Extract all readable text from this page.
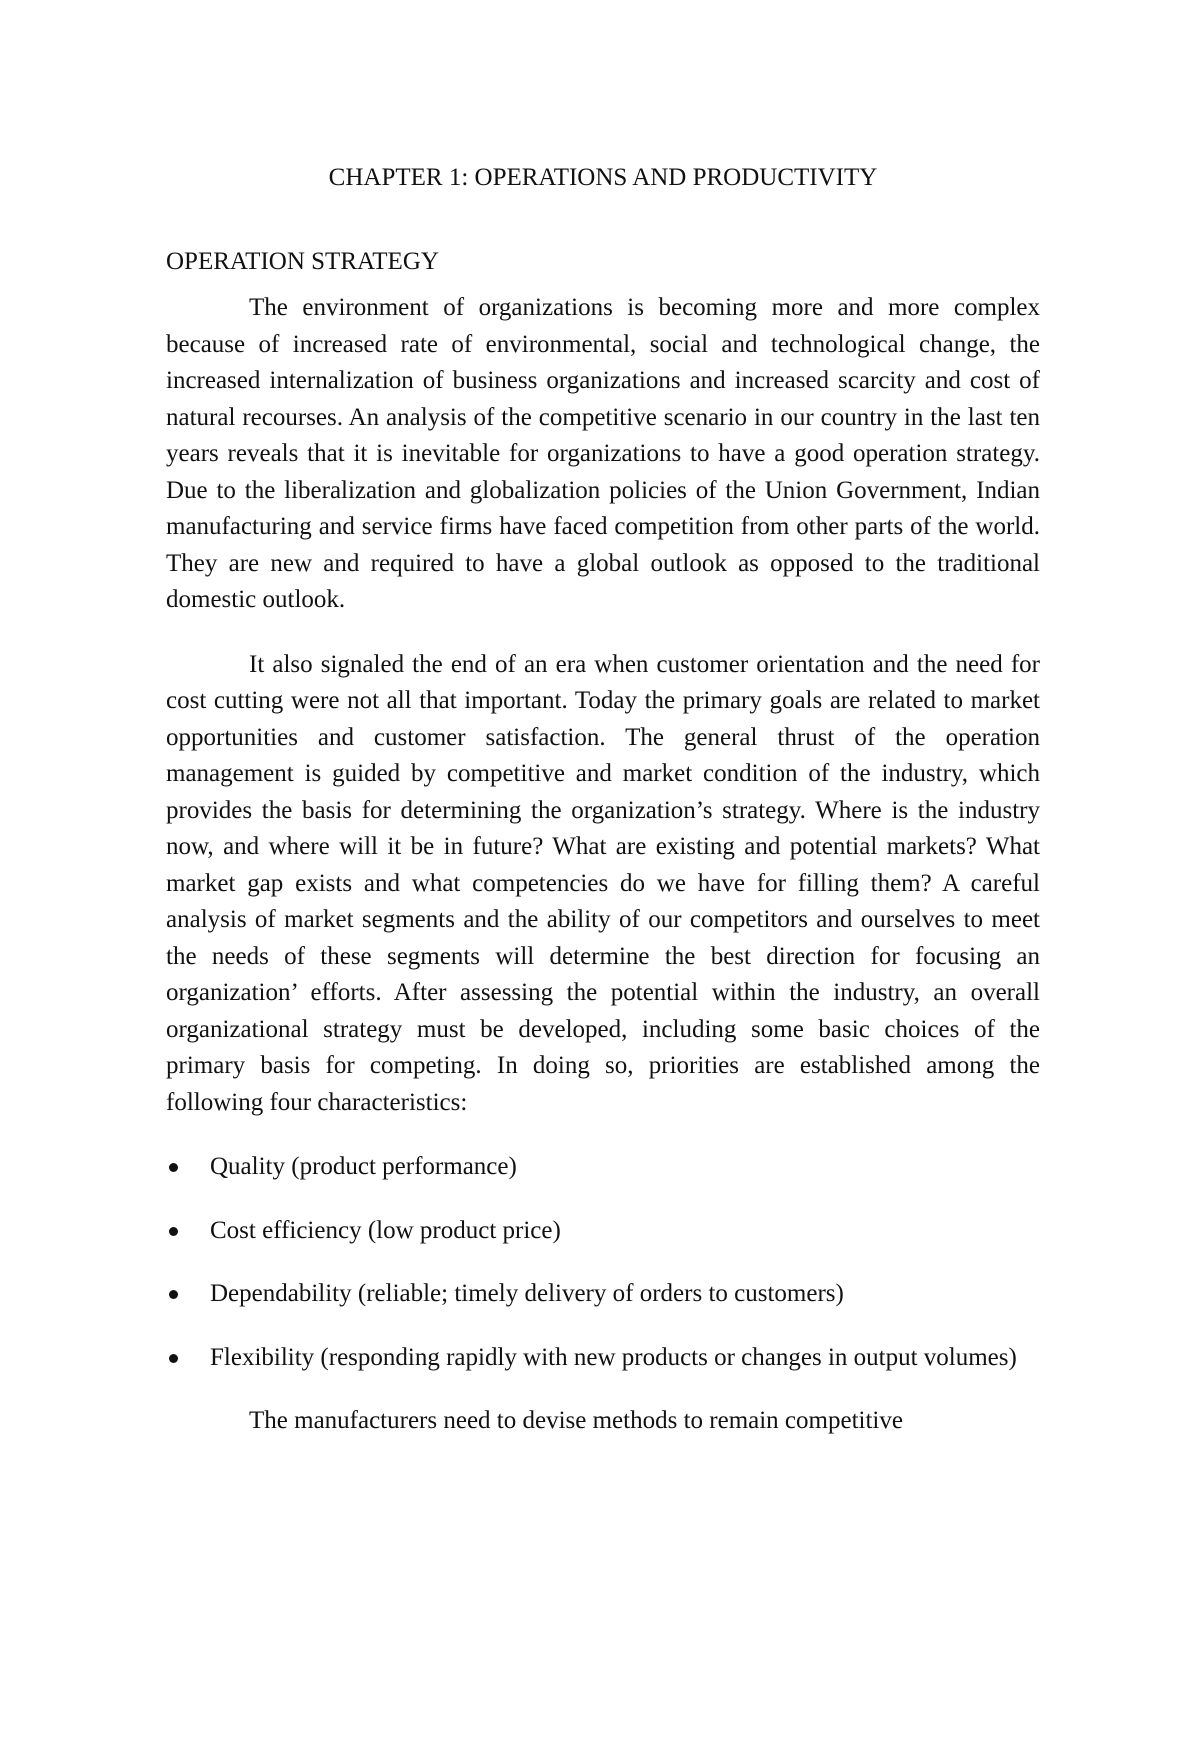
CHAPTER 1: OPERATIONS AND PRODUCTIVITY
OPERATION STRATEGY

The environment of organizations is becoming more and more complex because of increased rate of environmental, social and technological change, the increased internalization of business organizations and increased scarcity and cost of natural recourses. An analysis of the competitive scenario in our country in the last ten years reveals that it is inevitable for organizations to have a good operation strategy. Due to the liberalization and globalization policies of the Union Government, Indian manufacturing and service firms have faced competition from other parts of the world. They are new and required to have a global outlook as opposed to the traditional domestic outlook.

It also signaled the end of an era when customer orientation and the need for cost cutting were not all that important. Today the primary goals are related to market opportunities and customer satisfaction. The general thrust of the operation management is guided by competitive and market condition of the industry, which provides the basis for determining the organization’s strategy. Where is the industry now, and where will it be in future? What are existing and potential markets? What market gap exists and what competencies do we have for filling them? A careful analysis of market segments and the ability of our competitors and ourselves to meet the needs of these segments will determine the best direction for focusing an organization’ efforts. After assessing the potential within the industry, an overall organizational strategy must be developed, including some basic choices of the primary basis for competing. In doing so, priorities are established among the following four characteristics:

Quality (product performance)
Cost efficiency (low product price)
Dependability (reliable; timely delivery of orders to customers)
Flexibility (responding rapidly with new products or changes in output volumes)

The manufacturers need to devise methods to remain competitive
